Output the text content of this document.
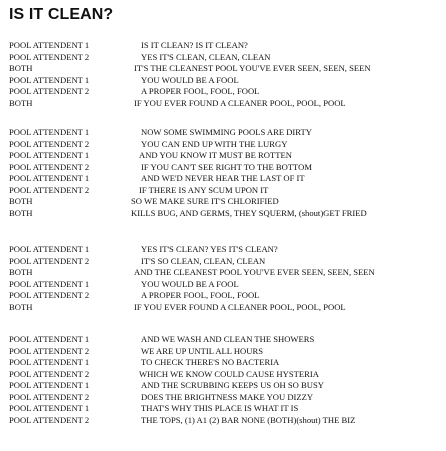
IS IT CLEAN?
POOL ATTENDENT 1	IS IT CLEAN? IS IT CLEAN?
POOL ATTENDENT 2	YES IT'S CLEAN, CLEAN, CLEAN
BOTH	IT'S THE CLEANEST POOL YOU'VE EVER SEEN, SEEN, SEEN
POOL ATTENDENT 1	YOU WOULD BE A FOOL
POOL ATTENDENT 2	A PROPER FOOL, FOOL, FOOL
BOTH	IF YOU EVER FOUND A CLEANER POOL, POOL, POOL
POOL ATTENDENT 1	NOW SOME SWIMMING POOLS ARE DIRTY
POOL ATTENDENT 2	YOU CAN END UP WITH THE LURGY
POOL ATTENDENT 1	AND YOU KNOW IT MUST BE ROTTEN
POOL ATTENDENT 2	IF YOU CAN'T SEE RIGHT TO THE BOTTOM
POOL ATTENDENT 1	AND WE'D NEVER HEAR THE LAST OF IT
POOL ATTENDENT 2	IF THERE IS ANY SCUM UPON IT
BOTH	SO WE MAKE SURE IT'S CHLORIFIED
BOTH	KILLS BUG, AND GERMS, THEY SQUERM, (shout)GET FRIED
POOL ATTENDENT 1	YES IT'S CLEAN? YES IT'S CLEAN?
POOL ATTENDENT 2	IT'S SO CLEAN, CLEAN, CLEAN
BOTH	AND THE CLEANEST POOL YOU'VE EVER SEEN, SEEN, SEEN
POOL ATTENDENT 1	YOU WOULD BE A FOOL
POOL ATTENDENT 2	A PROPER FOOL, FOOL, FOOL
BOTH	IF YOU EVER FOUND A CLEANER POOL, POOL, POOL
POOL ATTENDENT 1	AND WE WASH AND CLEAN THE SHOWERS
POOL ATTENDENT 2	WE ARE UP UNTIL ALL HOURS
POOL ATTENDENT 1	TO CHECK THERE'S NO BACTERIA
POOL ATTENDENT 2	WHICH WE KNOW COULD CAUSE HYSTERIA
POOL ATTENDENT 1	AND THE SCRUBBING KEEPS US OH SO BUSY
POOL ATTENDENT 2	DOES THE BRIGHTNESS MAKE YOU DIZZY
POOL ATTENDENT 1	THAT'S WHY THIS PLACE IS WHAT IT IS
POOL ATTENDENT 2	THE TOPS, (1) A1 (2) BAR NONE (BOTH)(shout) THE BIZ
